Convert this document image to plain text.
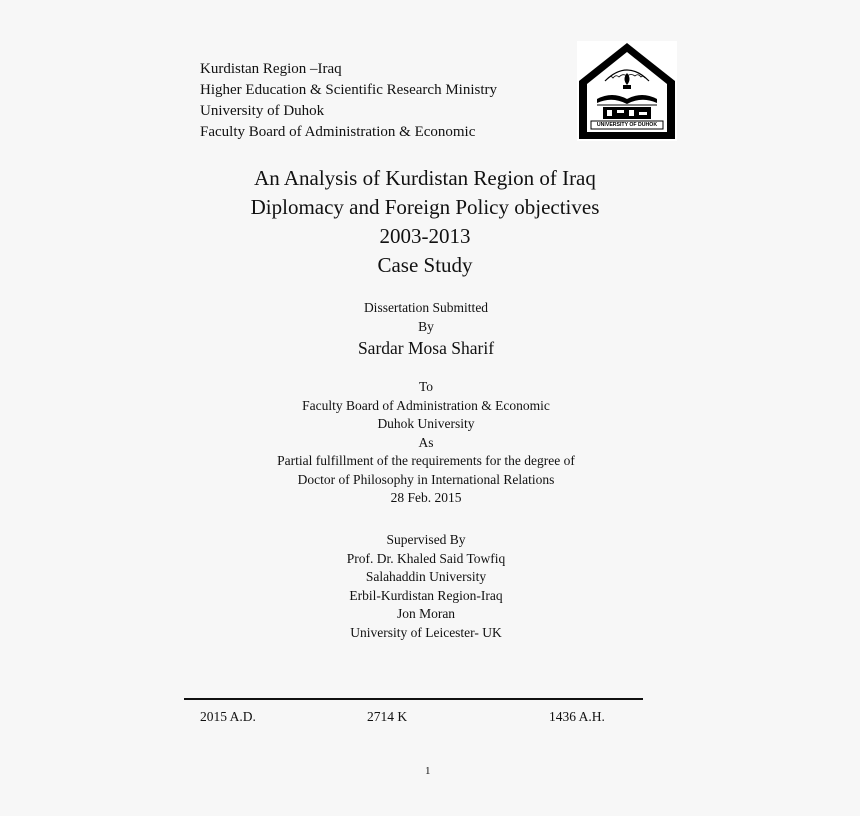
Kurdistan Region –Iraq
Higher Education & Scientific Research Ministry
University of Duhok
Faculty Board of Administration & Economic	UNIVERSITY OF DUHOK
An Analysis of Kurdistan Region of Iraq
Diplomacy and Foreign Policy objectives
2003-2013
Case Study
Dissertation Submitted
By
Sardar Mosa Sharif
To
Faculty Board of Administration & Economic
Duhok University
As
Partial fulfillment of the requirements for the degree of
Doctor of Philosophy in International Relations
28 Feb. 2015
Supervised By
Prof. Dr. Khaled Said Towfiq
Salahaddin University
Erbil-Kurdistan Region-Iraq
Jon Moran
University of Leicester- UK
2015 A.D.	2714 K	1436 A.H.
1
